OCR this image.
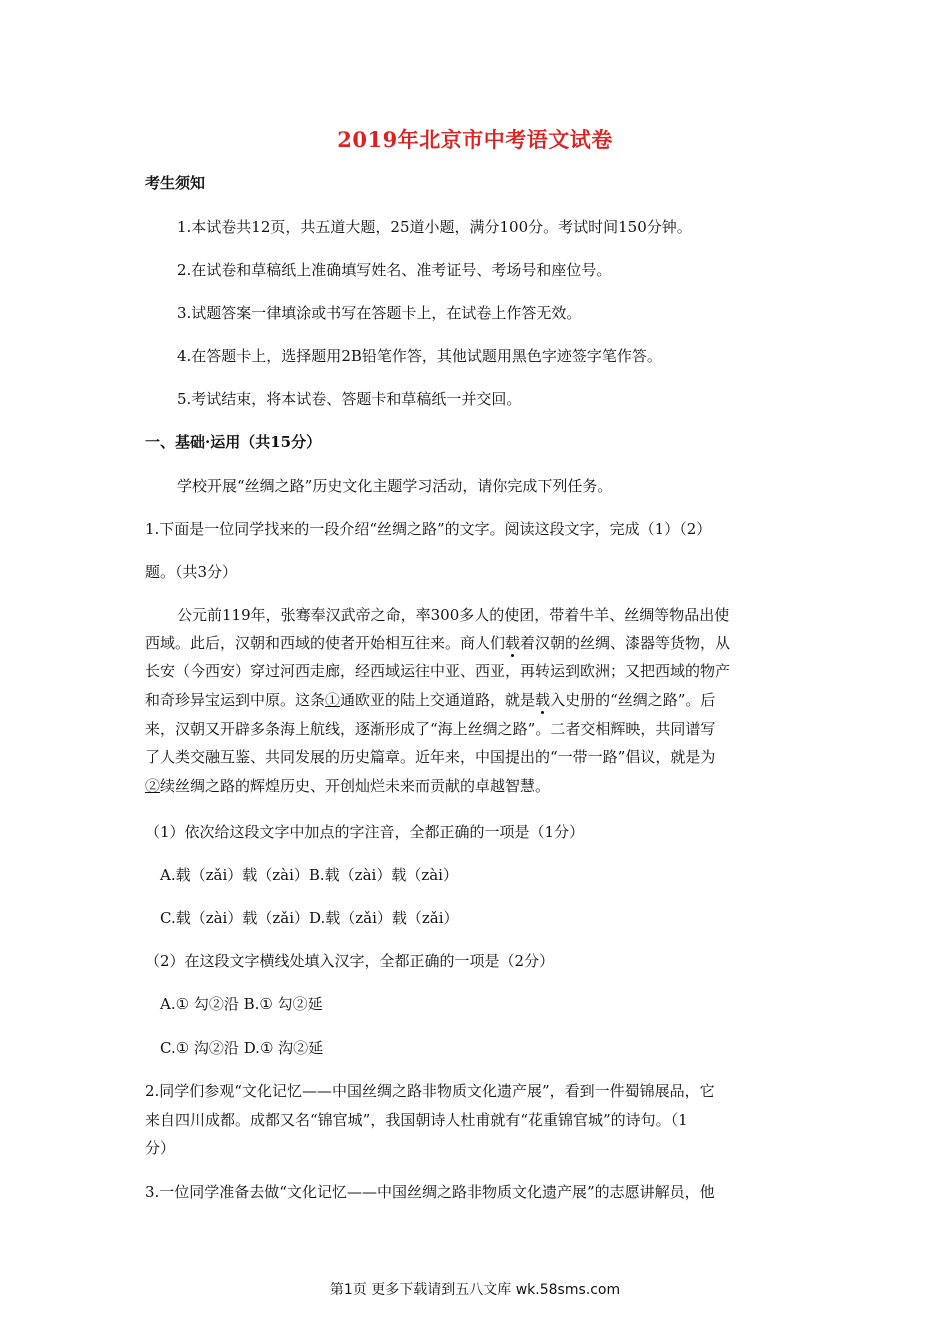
2019年北京市中考语文试卷
考生须知
1.本试卷共12页，共五道大题，25道小题，满分100分。考试时间150分钟。
2.在试卷和草稿纸上准确填写姓名、准考证号、考场号和座位号。
3.试题答案一律填涂或书写在答题卡上，在试卷上作答无效。
4.在答题卡上，选择题用2B铅笔作答，其他试题用黑色字迹签字笔作答。
5.考试结束，将本试卷、答题卡和草稿纸一并交回。
一、基础·运用（共15分）
学校开展“丝绸之路”历史文化主题学习活动，请你完成下列任务。
1.下面是一位同学找来的一段介绍“丝绸之路”的文字。阅读这段文字，完成（1）（2）
题。（共3分）
公元前119年，张骞奉汉武帝之命，率300多人的使团，带着牛羊、丝绸等物品出使
西域。此后，汉朝和西域的使者开始相互往来。商人们载着汉朝的丝绸、漆器等货物，从
长安（今西安）穿过河西走廊，经西域运往中亚、西亚，再转运到欧洲；又把西域的物产
和奇珍异宝运到中原。这条①通欧亚的陆上交通道路，就是载入史册的“丝绸之路”。后
来，汉朝又开辟多条海上航线，逐渐形成了“海上丝绸之路”。二者交相辉映，共同谱写
了人类交融互鉴、共同发展的历史篇章。近年来，中国提出的“一带一路”倡议，就是为
②续丝绸之路的辉煌历史、开创灿烂未来而贡献的卓越智慧。
（1）依次给这段文字中加点的字注音，全都正确的一项是（1分）
A.载（zǎi）载（zài）B.载（zài）载（zài）
C.载（zài）载（zǎi）D.载（zǎi）载（zǎi）
（2）在这段文字横线处填入汉字，全都正确的一项是（2分）
A.① 勾②沿 B.① 勾②延
C.① 沟②沿 D.① 沟②延
2.同学们参观“文化记忆——中国丝绸之路非物质文化遗产展”，看到一件蜀锦展品，它
来自四川成都。成都又名“锦官城”，我国朝诗人杜甫就有“花重锦官城”的诗句。（1
分）
3.一位同学准备去做“文化记忆——中国丝绸之路非物质文化遗产展”的志愿讲解员，他
第1页 更多下载请到五八文库 wk.58sms.com
